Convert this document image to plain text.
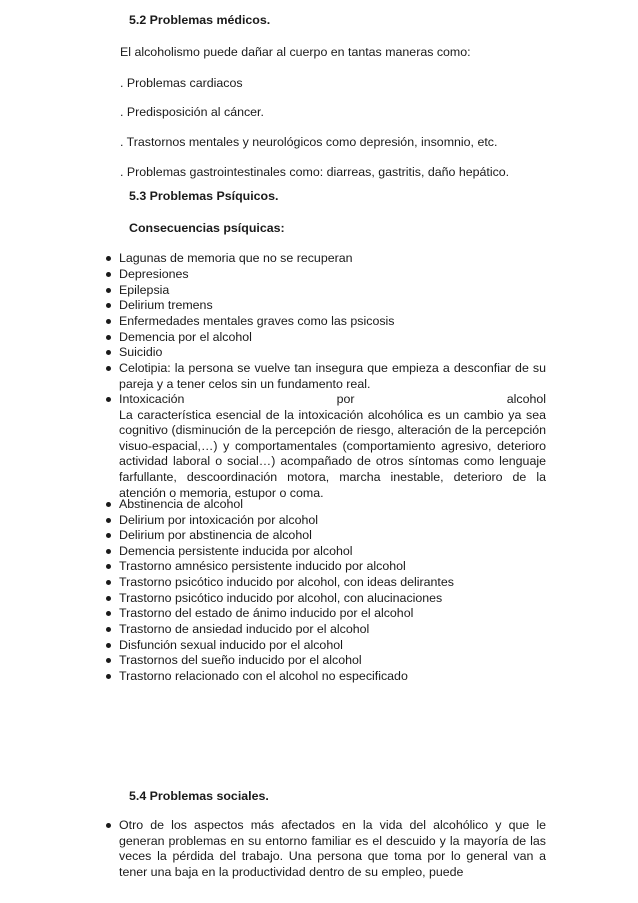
5.2 Problemas médicos.
El alcoholismo puede dañar al cuerpo en tantas maneras como:
. Problemas cardiacos
. Predisposición al cáncer.
. Trastornos mentales y neurológicos como depresión, insomnio, etc.
. Problemas gastrointestinales como: diarreas, gastritis, daño hepático.
5.3 Problemas Psíquicos.
Consecuencias psíquicas:
Lagunas de memoria que no se recuperan
Depresiones
Epilepsia
Delirium tremens
Enfermedades mentales graves como las psicosis
Demencia por el alcohol
Suicidio
Celotipia: la persona se vuelve tan insegura que empieza a desconfiar de su pareja y a tener celos sin un fundamento real.
Intoxicación	por	alcohol
La característica esencial de la intoxicación alcohólica es un cambio ya sea cognitivo (disminución de la percepción de riesgo, alteración de la percepción visuo-espacial,…) y comportamentales (comportamiento agresivo, deterioro actividad laboral o social…) acompañado de otros síntomas como lenguaje farfullante, descoordinación motora, marcha inestable, deterioro de la atención o memoria, estupor o coma.
Abstinencia de alcohol
Delirium por intoxicación por alcohol
Delirium por abstinencia de alcohol
Demencia persistente inducida por alcohol
Trastorno amnésico persistente inducido por alcohol
Trastorno psicótico inducido por alcohol, con ideas delirantes
Trastorno psicótico inducido por alcohol, con alucinaciones
Trastorno del estado de ánimo inducido por el alcohol
Trastorno de ansiedad inducido por el alcohol
Disfunción sexual inducido por el alcohol
Trastornos del sueño inducido por el alcohol
Trastorno relacionado con el alcohol no especificado
5.4 Problemas sociales.
Otro de los aspectos más afectados en la vida del alcohólico y que le generan problemas en su entorno familiar es el descuido y la mayoría de las veces la pérdida del trabajo. Una persona que toma por lo general van a tener una baja en la productividad dentro de su empleo, puede
